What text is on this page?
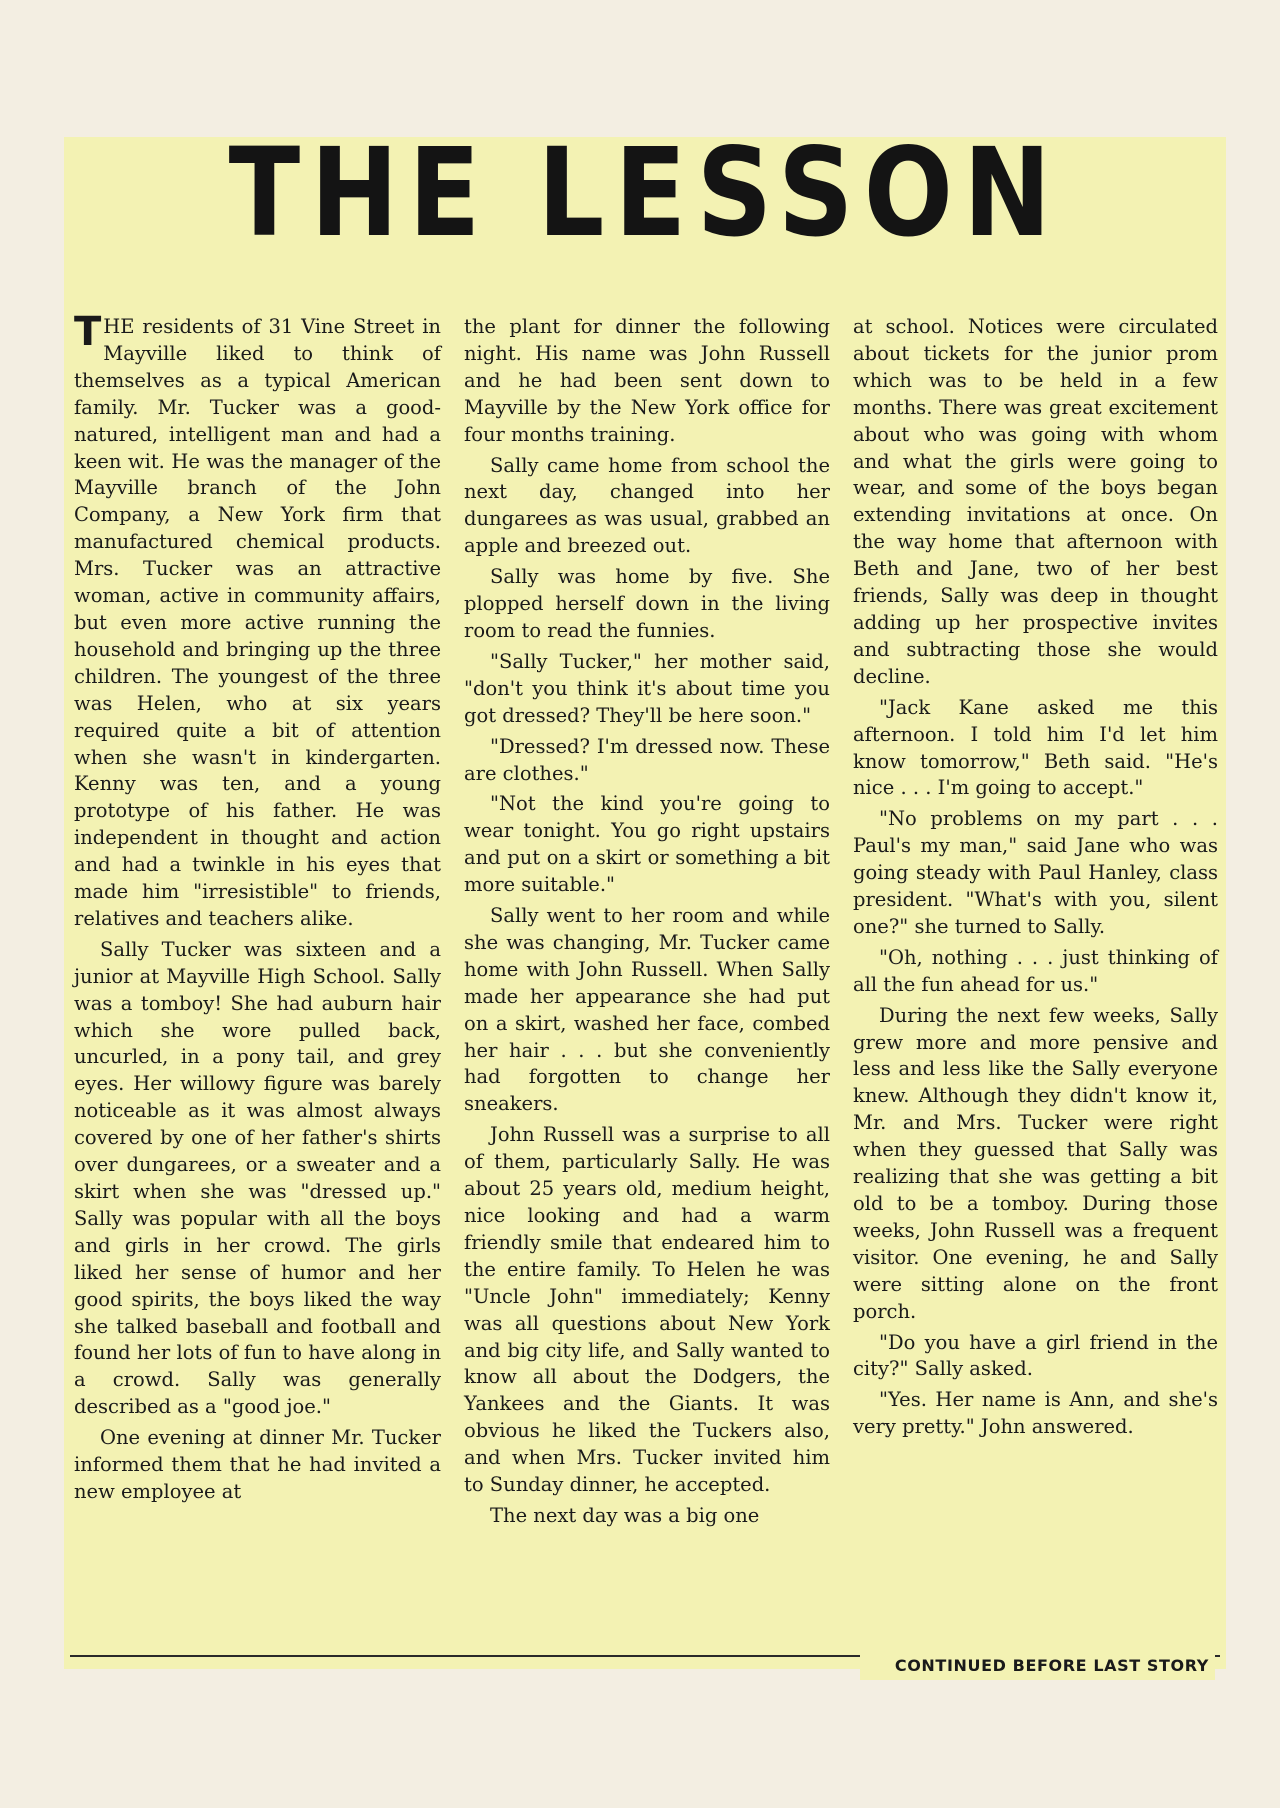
THE LESSON

THE residents of 31 Vine Street in Mayville liked to think of themselves as a typical American family. Mr. Tucker was a good-natured, intelligent man and had a keen wit. He was the manager of the Mayville branch of the John Company, a New York firm that manufactured chemical products. Mrs. Tucker was an attractive woman, active in community affairs, but even more active running the household and bringing up the three children. The youngest of the three was Helen, who at six years required quite a bit of attention when she wasn't in kindergarten. Kenny was ten, and a young prototype of his father. He was independent in thought and action and had a twinkle in his eyes that made him "irresistible" to friends, relatives and teachers alike.

Sally Tucker was sixteen and a junior at Mayville High School. Sally was a tomboy! She had auburn hair which she wore pulled back, uncurled, in a pony tail, and grey eyes. Her willowy figure was barely noticeable as it was almost always covered by one of her father's shirts over dungarees, or a sweater and a skirt when she was "dressed up." Sally was popular with all the boys and girls in her crowd. The girls liked her sense of humor and her good spirits, the boys liked the way she talked baseball and football and found her lots of fun to have along in a crowd. Sally was generally described as a "good joe."

One evening at dinner Mr. Tucker informed them that he had invited a new employee at

the plant for dinner the following night. His name was John Russell and he had been sent down to Mayville by the New York office for four months training.

Sally came home from school the next day, changed into her dungarees as was usual, grabbed an apple and breezed out.

Sally was home by five. She plopped herself down in the living room to read the funnies.

"Sally Tucker," her mother said, "don't you think it's about time you got dressed? They'll be here soon."

"Dressed? I'm dressed now. These are clothes."

"Not the kind you're going to wear tonight. You go right upstairs and put on a skirt or something a bit more suitable."

Sally went to her room and while she was changing, Mr. Tucker came home with John Russell. When Sally made her appearance she had put on a skirt, washed her face, combed her hair . . . but she conveniently had forgotten to change her sneakers.

John Russell was a surprise to all of them, particularly Sally. He was about 25 years old, medium height, nice looking and had a warm friendly smile that endeared him to the entire family. To Helen he was "Uncle John" immediately; Kenny was all questions about New York and big city life, and Sally wanted to know all about the Dodgers, the Yankees and the Giants. It was obvious he liked the Tuckers also, and when Mrs. Tucker invited him to Sunday dinner, he accepted.

The next day was a big one

at school. Notices were circulated about tickets for the junior prom which was to be held in a few months. There was great excitement about who was going with whom and what the girls were going to wear, and some of the boys began extending invitations at once. On the way home that afternoon with Beth and Jane, two of her best friends, Sally was deep in thought adding up her prospective invites and subtracting those she would decline.

"Jack Kane asked me this afternoon. I told him I'd let him know tomorrow," Beth said. "He's nice . . . I'm going to accept."

"No problems on my part . . . Paul's my man," said Jane who was going steady with Paul Hanley, class president. "What's with you, silent one?" she turned to Sally.

"Oh, nothing . . . just thinking of all the fun ahead for us."

During the next few weeks, Sally grew more and more pensive and less and less like the Sally everyone knew. Although they didn't know it, Mr. and Mrs. Tucker were right when they guessed that Sally was realizing that she was getting a bit old to be a tomboy. During those weeks, John Russell was a frequent visitor. One evening, he and Sally were sitting alone on the front porch.

"Do you have a girl friend in the city?" Sally asked.

"Yes. Her name is Ann, and she's very pretty." John answered.

CONTINUED BEFORE LAST STORY
